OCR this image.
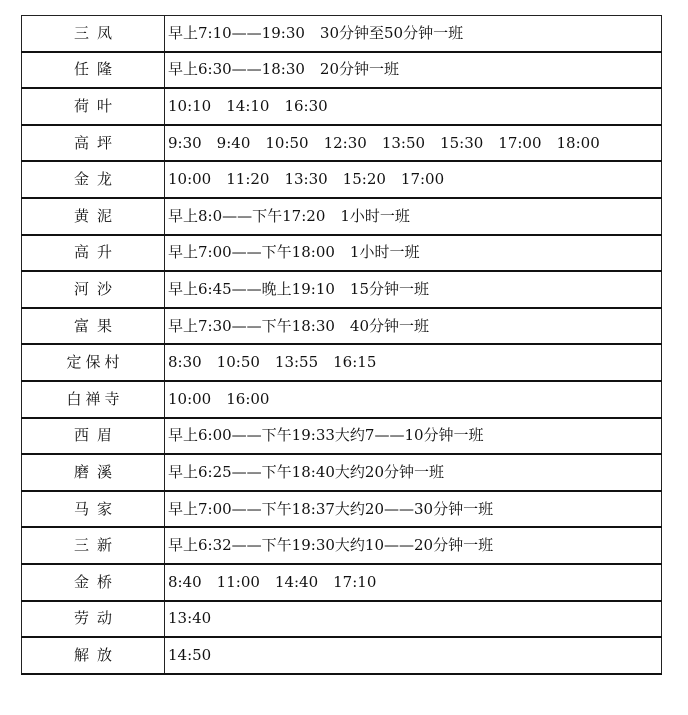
三凤	早上7:10——19:30　30分钟至50分钟一班
任隆	早上6:30——18:30　20分钟一班
荷叶	10:10　14:10　16:30
高坪	9:30　9:40　10:50　12:30　13:50　15:30　17:00　18:00
金龙	10:00　11:20　13:30　15:20　17:00
黄泥	早上8:0——下午17:20　1小时一班
高升	早上7:00——下午18:00　1小时一班
河沙	早上6:45——晚上19:10　15分钟一班
富果	早上7:30——下午18:30　40分钟一班
定保村	8:30　10:50　13:55　16:15
白禅寺	10:00　16:00
西眉	早上6:00——下午19:33大约7——10分钟一班
磨溪	早上6:25——下午18:40大约20分钟一班
马家	早上7:00——下午18:37大约20——30分钟一班
三新	早上6:32——下午19:30大约10——20分钟一班
金桥	8:40　11:00　14:40　17:10
劳动	13:40
解放	14:50
